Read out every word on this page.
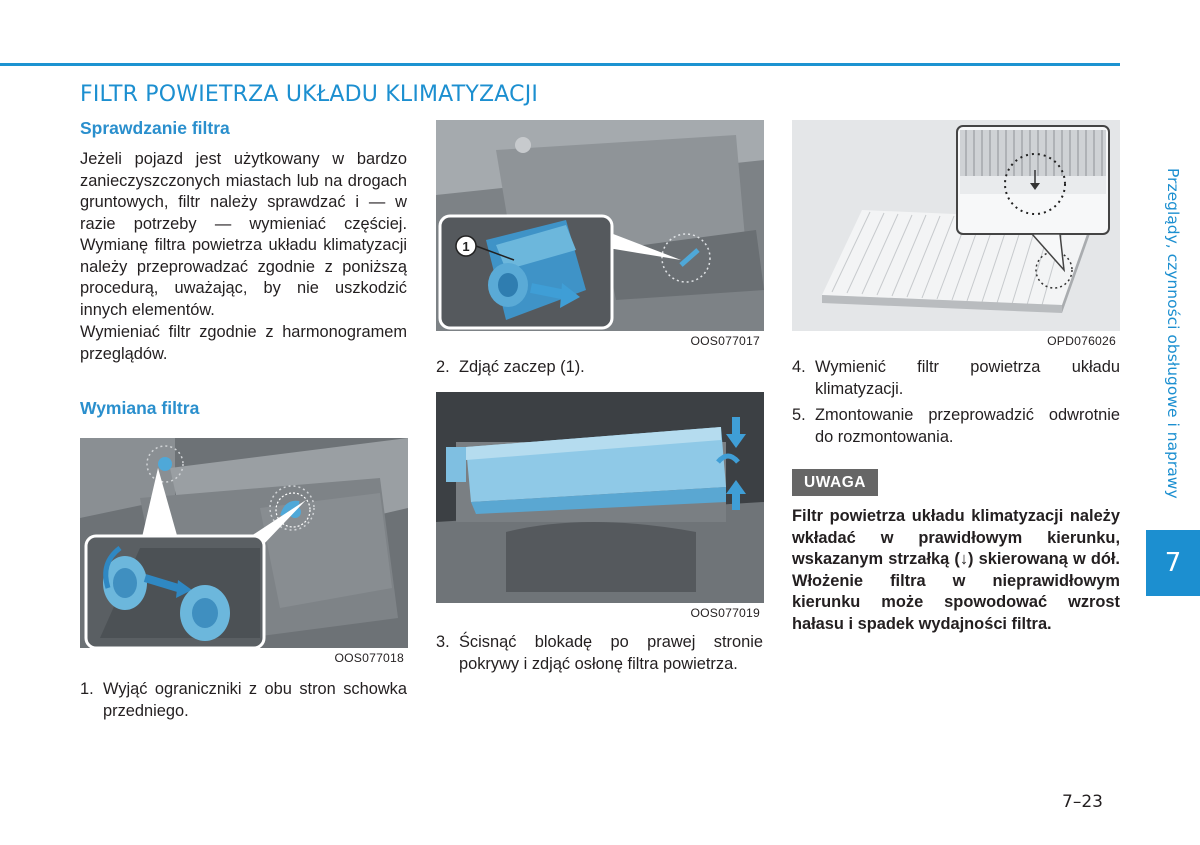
FILTR POWIETRZA UKŁADU KLIMATYZACJI
Sprawdzanie filtra

Jeżeli pojazd jest użytkowany w bardzo zanieczyszczonych miastach lub na drogach gruntowych, filtr należy sprawdzać i — w razie potrzeby — wymieniać częściej. Wymianę filtra powietrza układu klimatyzacji należy przeprowadzać zgodnie z poniższą procedurą, uważając, by nie uszkodzić innych elementów.

Wymieniać filtr zgodnie z harmonogramem przeglądów.

Wymiana filtra
OOS077018
1. Wyjąć ograniczniki z obu stron schowka przedniego.
1
OOS077017
2. Zdjąć zaczep (1).
OOS077019
3. Ścisnąć blokadę po prawej stronie pokrywy i zdjąć osłonę filtra powietrza.
OPD076026
4. Wymienić filtr powietrza układu klimatyzacji.
5. Zmontowanie przeprowadzić odwrotnie do rozmontowania.
UWAGA

Filtr powietrza układu klimatyzacji należy wkładać w prawidłowym kierunku, wskazanym strzałką (↓) skierowaną w dół. Włożenie filtra w nieprawidłowym kierunku może spowodować wzrost hałasu i spadek wydajności filtra.

Przeglądy, czynności obsługowe i naprawy
7

7–23
